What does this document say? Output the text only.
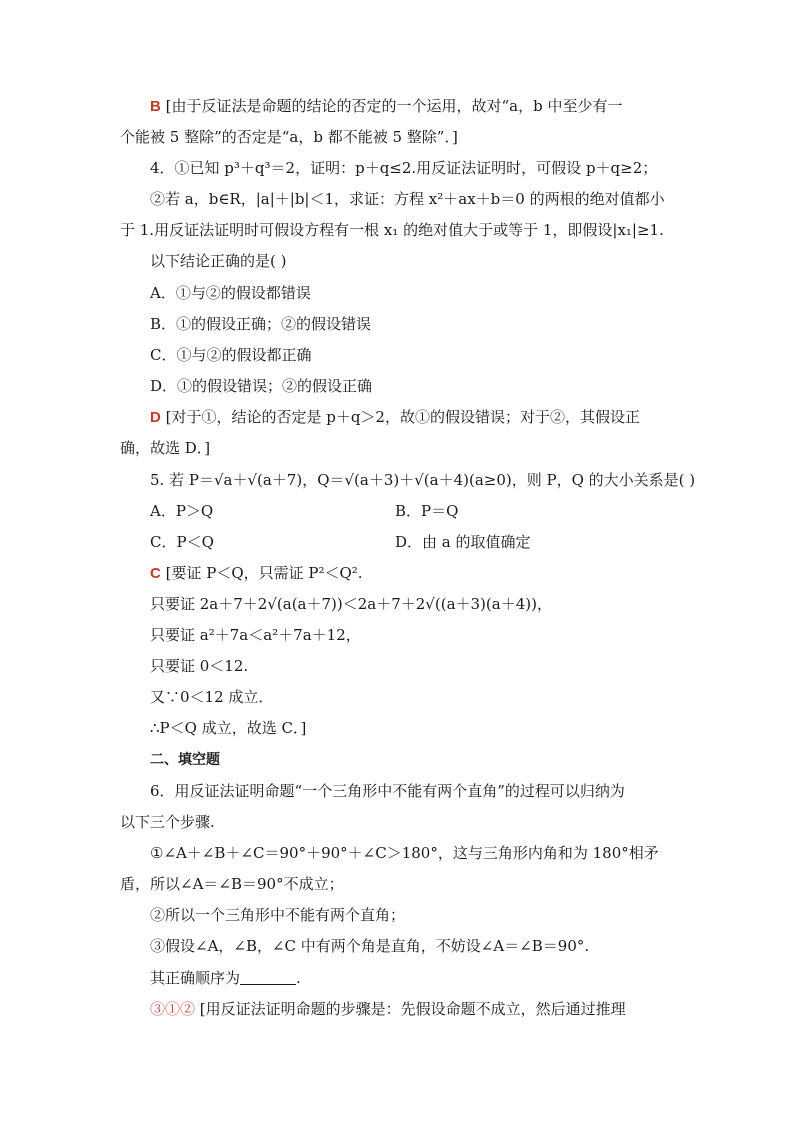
B [由于反证法是命题的结论的否定的一个运用，故对“a，b 中至少有一
个能被 5 整除”的否定是“a，b 都不能被 5 整除”．]
4．①已知 p³＋q³＝2，证明：p＋q≤2.用反证法证明时，可假设 p＋q≥2；
②若 a，b∈R，|a|＋|b|＜1，求证：方程 x²＋ax＋b＝0 的两根的绝对值都小
于 1.用反证法证明时可假设方程有一根 x₁ 的绝对值大于或等于 1，即假设|x₁|≥1.
以下结论正确的是( )
A．①与②的假设都错误
B．①的假设正确；②的假设错误
C．①与②的假设都正确
D．①的假设错误；②的假设正确
D [对于①，结论的否定是 p＋q＞2，故①的假设错误；对于②，其假设正
确，故选 D．]
5. 若 P＝√a＋√(a＋7)，Q＝√(a＋3)＋√(a＋4)(a≥0)，则 P，Q 的大小关系是( )
C [要证 P＜Q，只需证 P²＜Q².
只要证 2a＋7＋2√(a(a＋7))＜2a＋7＋2√((a＋3)(a＋4))，
只要证 a²＋7a＜a²＋7a＋12，
只要证 0＜12.
又∵0＜12 成立．
∴P＜Q 成立，故选 C．]
二、填空题
6．用反证法证明命题“一个三角形中不能有两个直角”的过程可以归纳为
以下三个步骤.
①∠A＋∠B＋∠C＝90°＋90°＋∠C＞180°，这与三角形内角和为 180°相矛
盾，所以∠A＝∠B＝90°不成立；
②所以一个三角形中不能有两个直角；
③假设∠A，∠B，∠C 中有两个角是直角，不妨设∠A＝∠B＝90°.
③①② [用反证法证明命题的步骤是：先假设命题不成立，然后通过推理
A．P＞Q	B．P＝Q
C．P＜Q	D．由 a 的取值确定
其正确顺序为	.
